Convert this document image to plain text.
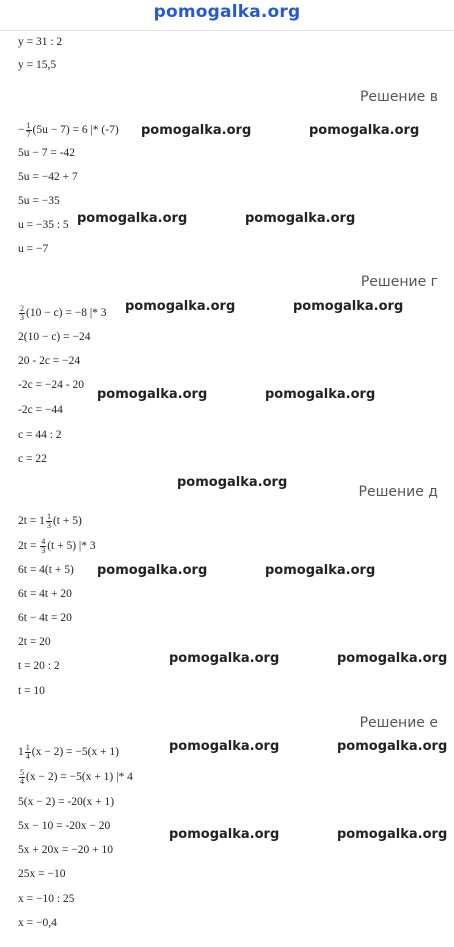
pomogalka.org
y = 31 : 2
y = 15,5
Решение в
− $\frac{1}{7} (5u - 7) = 6$ |* (-7)
5u − 7 = -42
5u = −42 + 7
5u = −35
u = −35 : 5
u = −7
Решение г
$\frac{2}{3} (10 - c) = -8$ |* 3
2(10 − c) = −24
20 - 2c = −24
-2c = −24 - 20
-2c = −44
c = 44 : 2
c = 22
Решение д
$2t = 1 \frac{1}{3} (t + 5)$
$2t = \frac{4}{3} (t + 5)$ |* 3
6t = 4(t + 5)
6t = 4t + 20
6t − 4t = 20
2t = 20
t = 20 : 2
t = 10
Решение е
$1 \frac{1}{4} (x - 2) = -5(x + 1)$
$\frac{5}{4} (x - 2) = -5(x + 1)$ |* 4
5(x − 2) = -20(x + 1)
5x − 10 = -20x − 20
5x + 20x = −20 + 10
25x = −10
x = −10 : 25
x = −0,4
pomogalka.org	pomogalka.org
pomogalka.org	pomogalka.org
pomogalka.org	pomogalka.org
pomogalka.org	pomogalka.org
pomogalka.org
pomogalka.org	pomogalka.org
pomogalka.org	pomogalka.org
pomogalka.org	pomogalka.org
pomogalka.org	pomogalka.org
